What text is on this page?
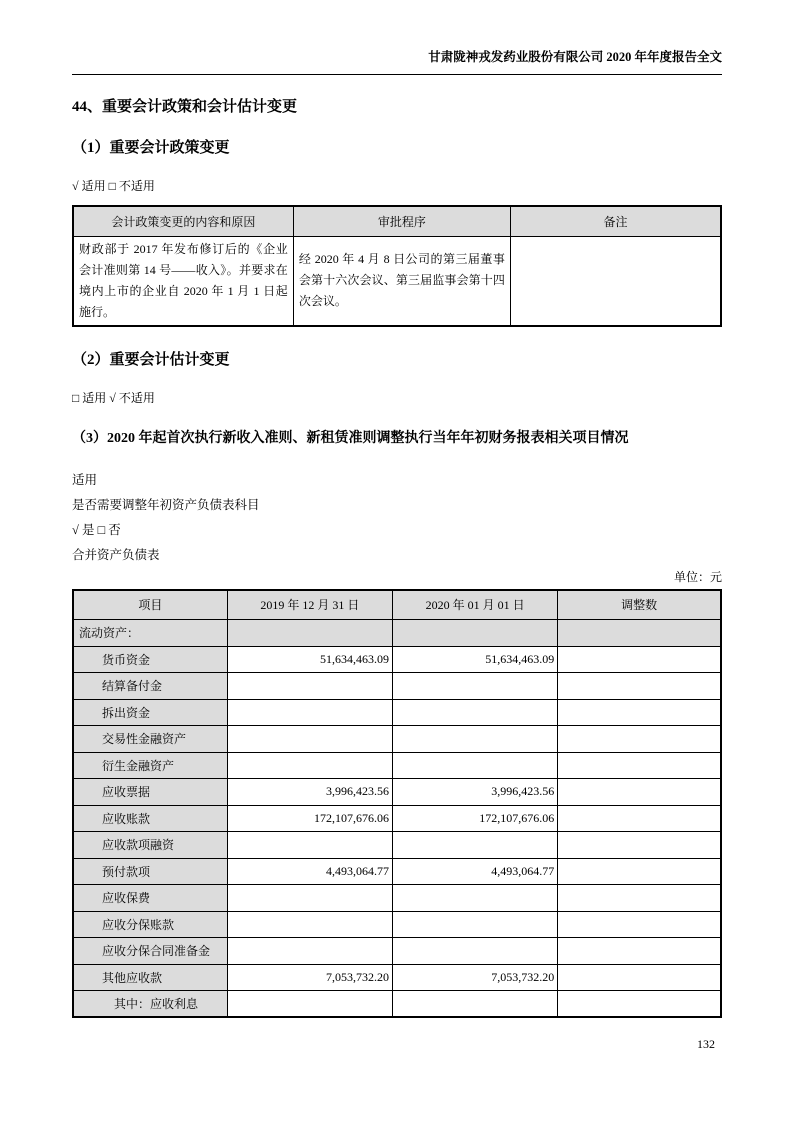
甘肃陇神戎发药业股份有限公司 2020 年年度报告全文
44、重要会计政策和会计估计变更
（1）重要会计政策变更
√ 适用 □ 不适用
会计政策变更的内容和原因	审批程序	备注
财政部于 2017 年发布修订后的《企业会计准则第 14 号——收入》。并要求在境内上市的企业自 2020 年 1 月 1 日起施行。	经 2020 年 4 月 8 日公司的第三届董事会第十六次会议、第三届监事会第十四次会议。	
（2）重要会计估计变更
□ 适用 √ 不适用
（3）2020 年起首次执行新收入准则、新租赁准则调整执行当年年初财务报表相关项目情况
适用
是否需要调整年初资产负债表科目
√ 是 □ 否
合并资产负债表
单位：元
项目	2019 年 12 月 31 日	2020 年 01 月 01 日	调整数
流动资产：			
货币资金	51,634,463.09	51,634,463.09	
结算备付金			
拆出资金			
交易性金融资产			
衍生金融资产			
应收票据	3,996,423.56	3,996,423.56	
应收账款	172,107,676.06	172,107,676.06	
应收款项融资			
预付款项	4,493,064.77	4,493,064.77	
应收保费			
应收分保账款			
应收分保合同准备金			
其他应收款	7,053,732.20	7,053,732.20	
其中：应收利息			
132
